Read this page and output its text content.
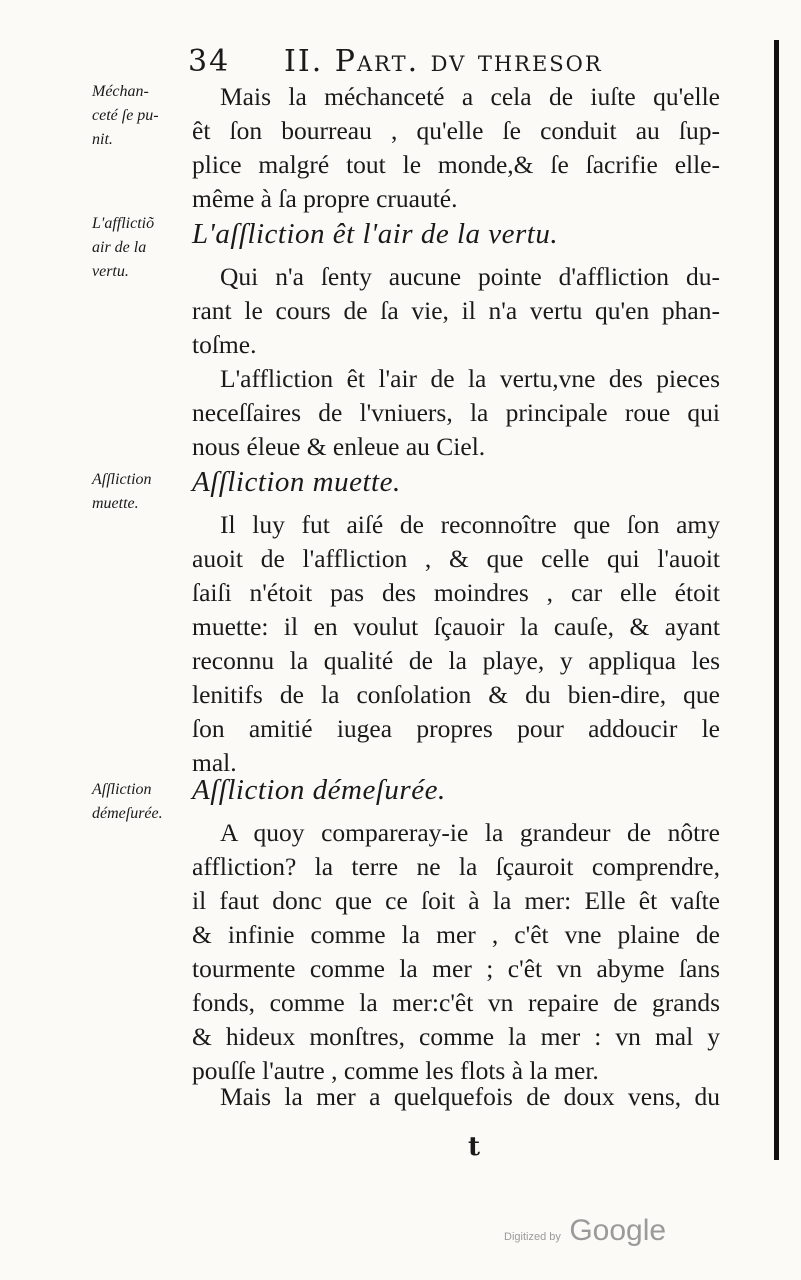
34 II. Part. dv thresor
Méchan-
ceté ſe pu-
nit.
L'afflictiõ
air de la
vertu.
Aſſliction
muette.
Aſſliction
démeſurée.
Mais la méchanceté a cela de iuſte qu'elle
êt ſon bourreau , qu'elle ſe conduit au ſup-
plice malgré tout le monde,& ſe ſacrifie elle-
même à ſa propre cruauté.
L'aſſliction êt l'air de la vertu.
Qui n'a ſenty aucune pointe d'affliction du-
rant le cours de ſa vie, il n'a vertu qu'en phan-
toſme.
L'affliction êt l'air de la vertu,vne des pieces
neceſſaires de l'vniuers, la principale roue qui
nous éleue & enleue au Ciel.
Aſſliction muette.
Il luy fut aiſé de reconnoître que ſon amy
auoit de l'affliction , & que celle qui l'auoit
ſaiſi n'étoit pas des moindres , car elle étoit
muette: il en voulut ſçauoir la cauſe, & ayant
reconnu la qualité de la playe, y appliqua les
lenitifs de la conſolation & du bien-dire, que
ſon amitié iugea propres pour addoucir le
mal.
Aſſliction démeſurée.
A quoy compareray-ie la grandeur de nôtre
affliction? la terre ne la ſçauroit comprendre,
il faut donc que ce ſoit à la mer: Elle êt vaſte
& infinie comme la mer , c'êt vne plaine de
tourmente comme la mer ; c'êt vn abyme ſans
fonds, comme la mer:c'êt vn repaire de grands
& hideux monſtres, comme la mer : vn mal y
pouſſe l'autre , comme les flots à la mer.
Mais la mer a quelquefois de doux vens, du
t
Digitized by Google
